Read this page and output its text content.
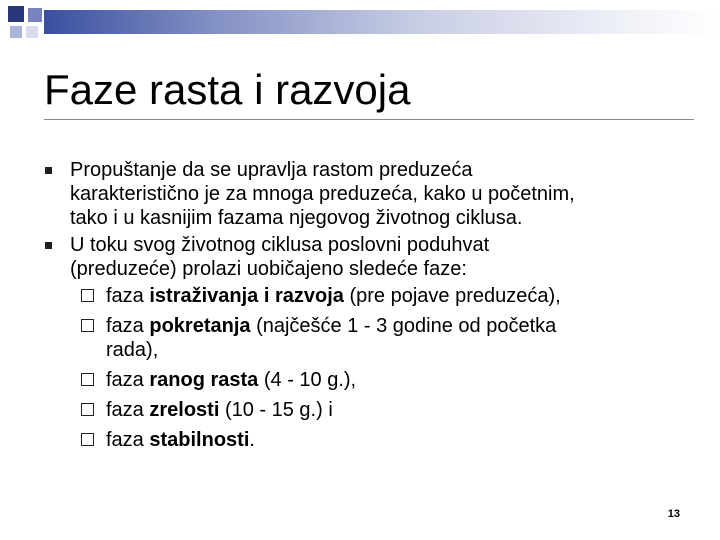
Faze rasta i razvoja
Propuštanje da se upravlja rastom preduzeća
karakteristično je za mnoga preduzeća, kako u početnim,
tako i u kasnijim fazama njegovog životnog ciklusa.
U toku svog životnog ciklusa poslovni poduhvat
(preduzeće) prolazi uobičajeno sledeće faze:
faza istraživanja i razvoja (pre pojave preduzeća),
faza pokretanja (najčešće 1 - 3 godine od početka
rada),
faza ranog rasta (4 - 10 g.),
faza zrelosti (10 - 15 g.) i
faza stabilnosti.
13
